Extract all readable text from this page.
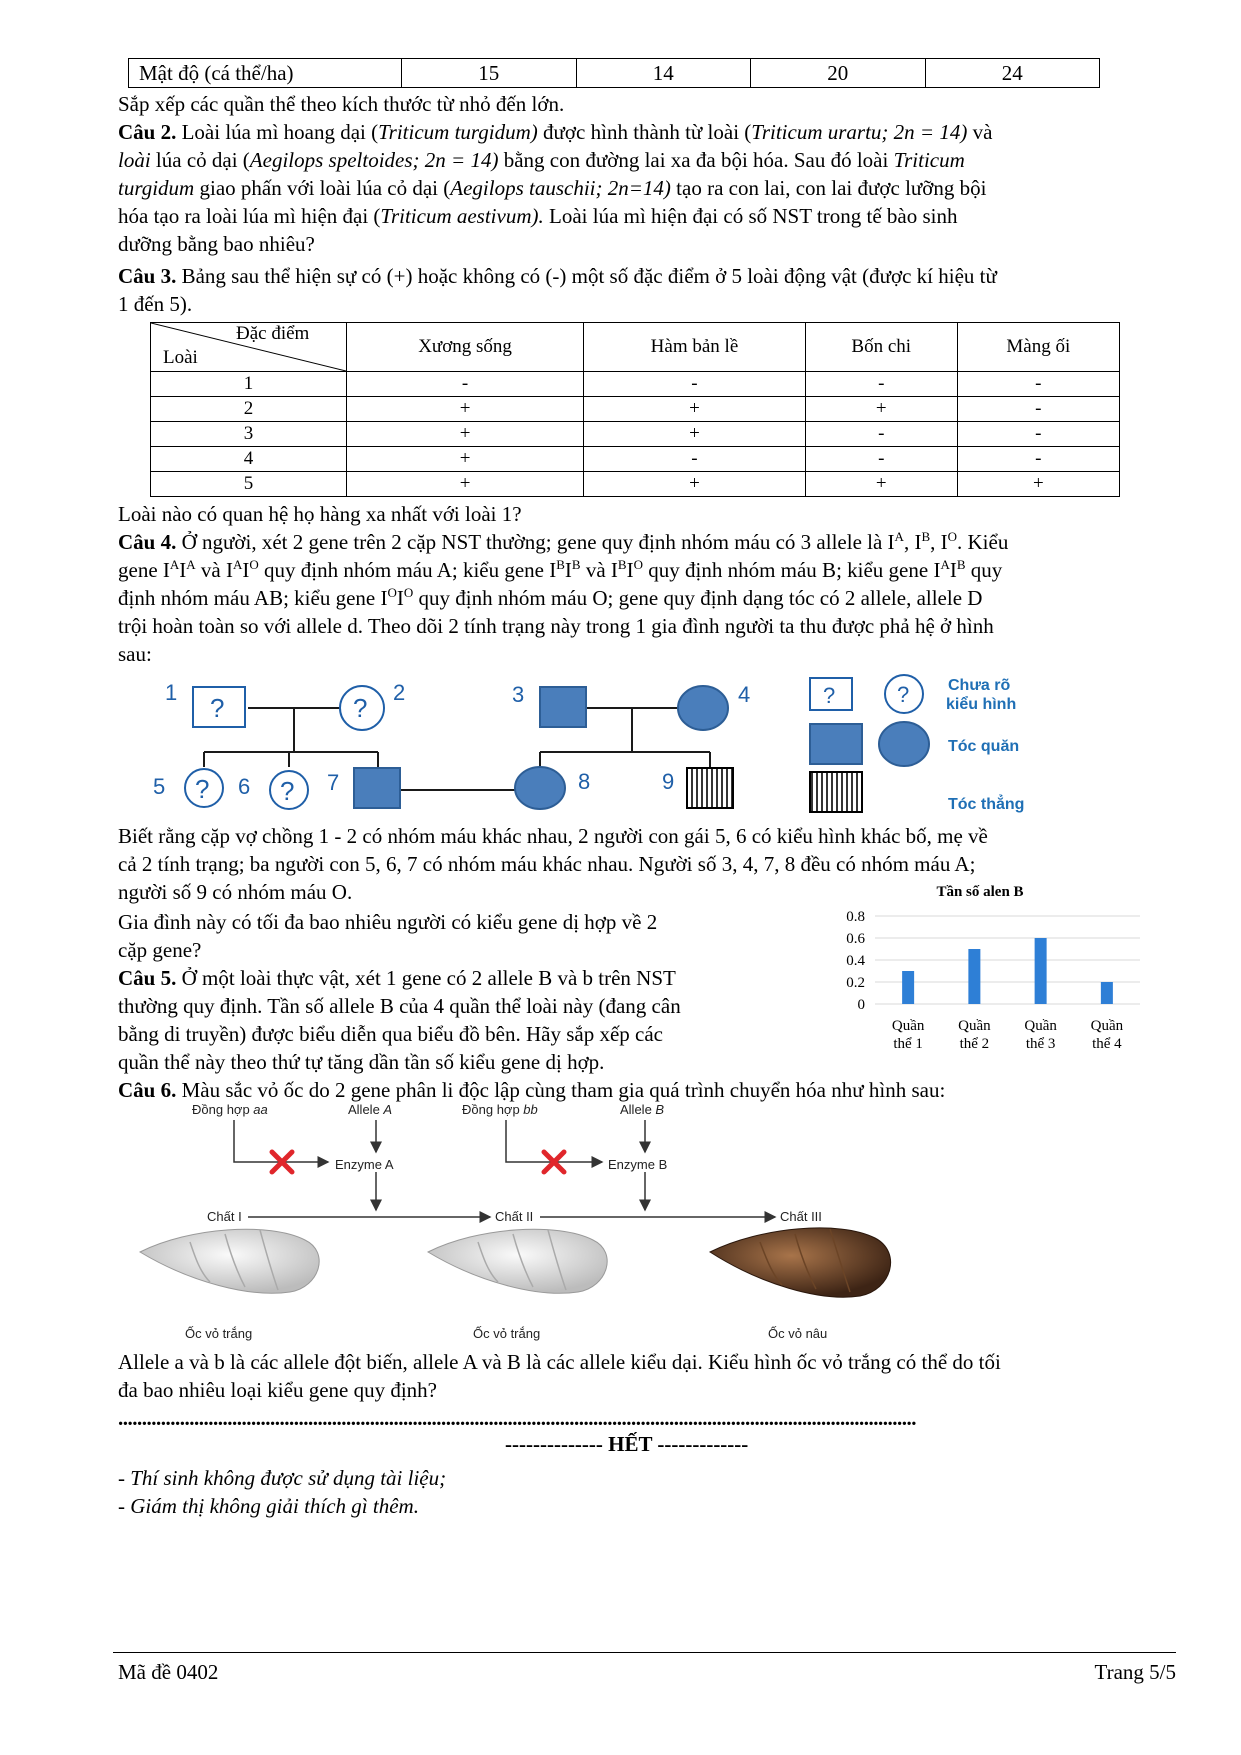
Mật độ (cá thể/ha)	15	14	20	24
Sắp xếp các quần thể theo kích thước từ nhỏ đến lớn.
Câu 2. Loài lúa mì hoang dại (Triticum turgidum) được hình thành từ loài (Triticum urartu; 2n = 14) và
loài lúa cỏ dại (Aegilops speltoides; 2n = 14) bằng con đường lai xa đa bội hóa. Sau đó loài Triticum
turgidum giao phấn với loài lúa cỏ dại (Aegilops tauschii; 2n=14) tạo ra con lai, con lai được lưỡng bội
hóa tạo ra loài lúa mì hiện đại (Triticum aestivum). Loài lúa mì hiện đại có số NST trong tế bào sinh
dưỡng bằng bao nhiêu?
Câu 3. Bảng sau thể hiện sự có (+) hoặc không có (-) một số đặc điểm ở 5 loài động vật (được kí hiệu từ
1 đến 5).
Đặc điểm
Loài	Xương sống	Hàm bản lề	Bốn chi	Màng ối
1	-	-	-	-
2	+	+	+	-
3	+	+	-	-
4	+	-	-	-
5	+	+	+	+
Loài nào có quan hệ họ hàng xa nhất với loài 1?
Câu 4. Ở người, xét 2 gene trên 2 cặp NST thường; gene quy định nhóm máu có 3 allele là $I^A$, $I^B$, $I^O$. Kiểu
gene $I^AI^A$ và $I^AI^O$ quy định nhóm máu A; kiểu gene $I^BI^B$ và $I^BI^O$ quy định nhóm máu B; kiểu gene $I^AI^B$ quy
định nhóm máu AB; kiểu gene $I^OI^O$ quy định nhóm máu O; gene quy định dạng tóc có 2 allele, allele D
trội hoàn toàn so với allele d. Theo dõi 2 tính trạng này trong 1 gia đình người ta thu được phả hệ ở hình
sau:
?	?
?	?
1	2	3	4
5	6	7	8	9
?	? Chưa rõ
kiểu hình
Tóc quăn
Tóc thẳng
Biết rằng cặp vợ chồng 1 - 2 có nhóm máu khác nhau, 2 người con gái 5, 6 có kiểu hình khác bố, mẹ về
cả 2 tính trạng; ba người con 5, 6, 7 có nhóm máu khác nhau. Người số 3, 4, 7, 8 đều có nhóm máu A;
người số 9 có nhóm máu O.
Gia đình này có tối đa bao nhiêu người có kiểu gene dị hợp về 2
cặp gene?
Câu 5. Ở một loài thực vật, xét 1 gene có 2 allele B và b trên NST
thường quy định. Tần số allele B của 4 quần thể loài này (đang cân
bằng di truyền) được biểu diễn qua biểu đồ bên. Hãy sắp xếp các
quần thể này theo thứ tự tăng dần tần số kiểu gene dị hợp.
Tần số alen B
0
0.2
0.4
0.6
0.8
Quần
thể 1
Quần
thể 2
Quần
thể 3
Quần
thể 4
Câu 6. Màu sắc vỏ ốc do 2 gene phân li độc lập cùng tham gia quá trình chuyển hóa như hình sau:
Đồng hợp aa	Allele A
Enzyme A
Đồng hợp bb	Allele B
Enzyme B
Chất I	Chất II	Chất III
Ốc vỏ trắng	Ốc vỏ trắng	Ốc vỏ nâu
Allele a và b là các allele đột biến, allele A và B là các allele kiểu dại. Kiểu hình ốc vỏ trắng có thể do tối
đa bao nhiêu loại kiểu gene quy định?
........................................................................................................................................................................
-------------- HẾT -------------
- Thí sinh không được sử dụng tài liệu;
- Giám thị không giải thích gì thêm.
Mã đề 0402	Trang 5/5
